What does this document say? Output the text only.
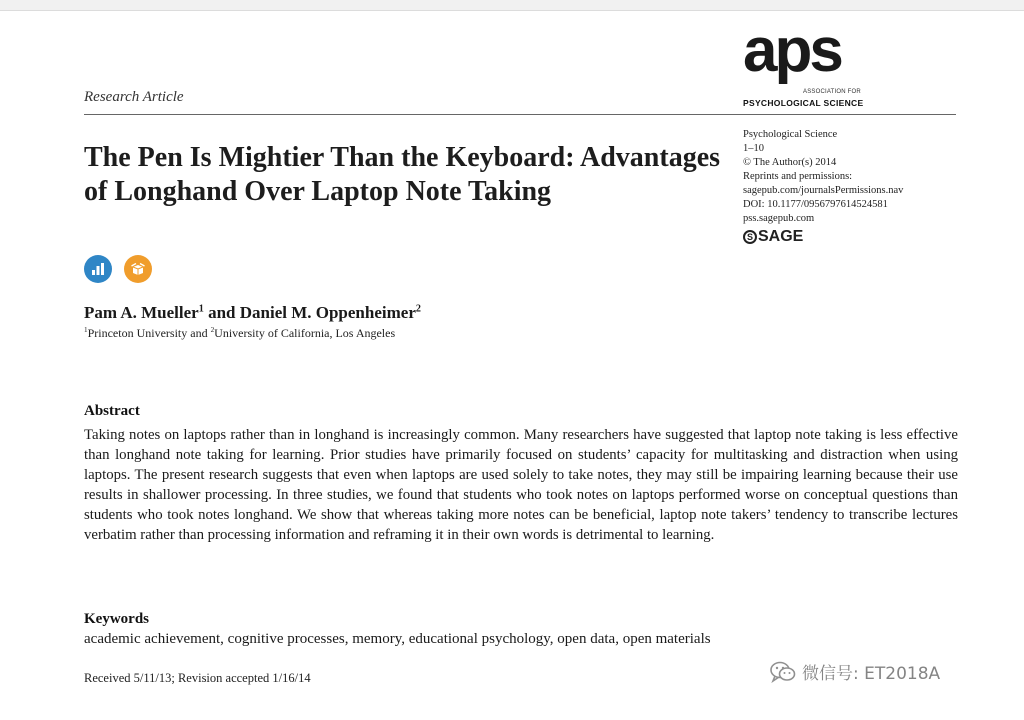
Research Article
aps
ASSOCIATION FOR
PSYCHOLOGICAL SCIENCE
The Pen Is Mightier Than the Keyboard: Advantages of Longhand Over Laptop Note Taking
Psychological Science
1–10
© The Author(s) 2014
Reprints and permissions:
sagepub.com/journalsPermissions.nav
DOI: 10.1177/0956797614524581
pss.sagepub.com
S SAGE
Pam A. Mueller$^1$ and Daniel M. Oppenheimer$^2$
$^1$Princeton University and $^2$University of California, Los Angeles
Abstract

Taking notes on laptops rather than in longhand is increasingly common. Many researchers have suggested that laptop note taking is less effective than longhand note taking for learning. Prior studies have primarily focused on students’ capacity for multitasking and distraction when using laptops. The present research suggests that even when laptops are used solely to take notes, they may still be impairing learning because their use results in shallower processing. In three studies, we found that students who took notes on laptops performed worse on conceptual questions than students who took notes longhand. We show that whereas taking more notes can be beneficial, laptop note takers’ tendency to transcribe lectures verbatim rather than processing information and reframing it in their own words is detrimental to learning.

Keywords
academic achievement, cognitive processes, memory, educational psychology, open data, open materials
Received 5/11/13; Revision accepted 1/16/14	微信号: ET2018A
